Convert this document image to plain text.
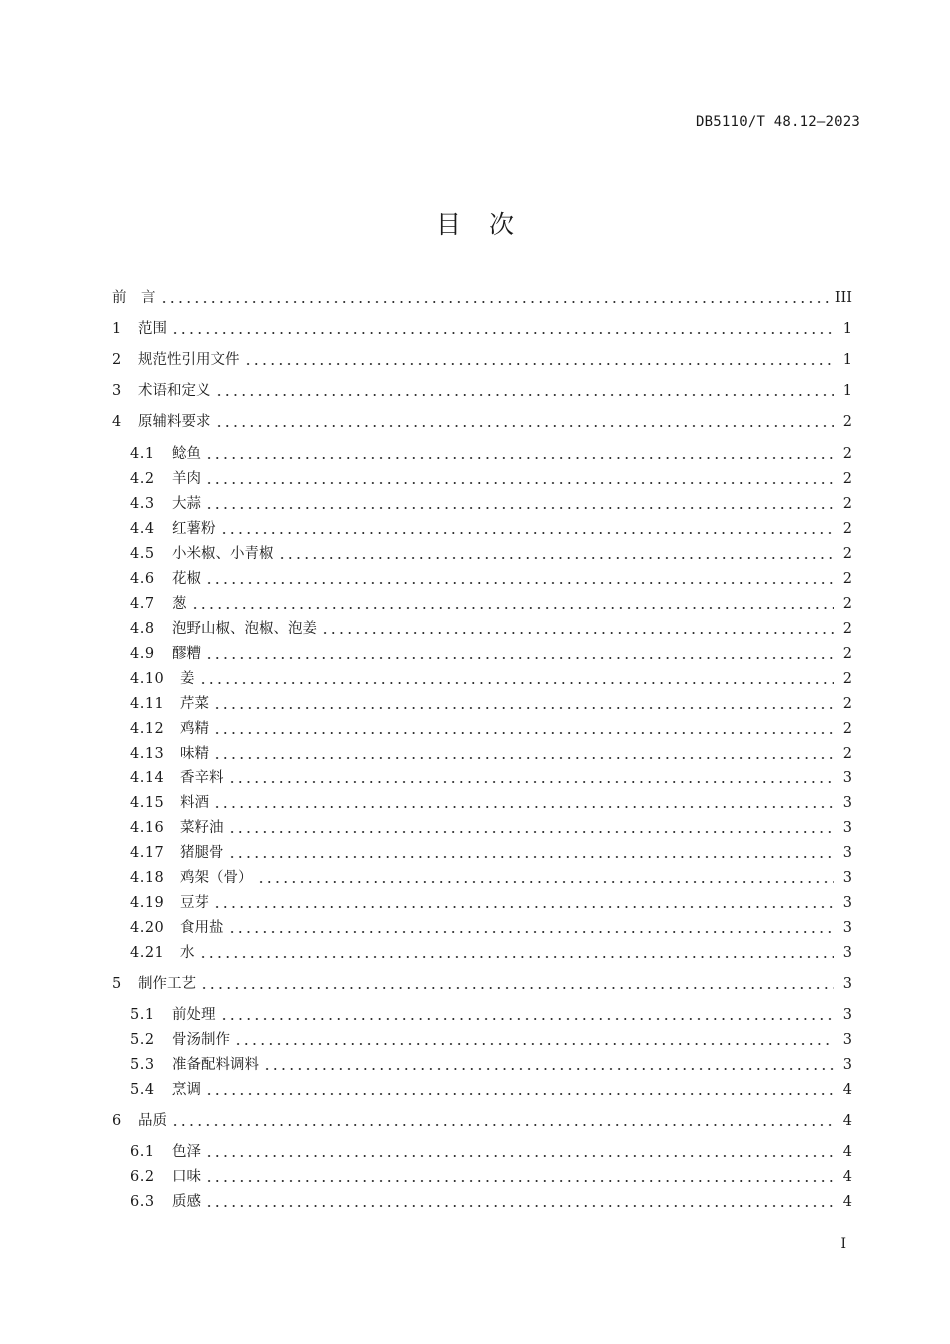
DB5110/T 48.12—2023
目次
前　言	III
1	范围	1
2	规范性引用文件	1
3	术语和定义	1
4	原辅料要求	2
4.1	鲶鱼	2
4.2	羊肉	2
4.3	大蒜	2
4.4	红薯粉	2
4.5	小米椒、小青椒	2
4.6	花椒	2
4.7	葱	2
4.8	泡野山椒、泡椒、泡姜	2
4.9	醪糟	2
4.10	姜	2
4.11	芹菜	2
4.12	鸡精	2
4.13	味精	2
4.14	香辛料	3
4.15	料酒	3
4.16	菜籽油	3
4.17	猪腿骨	3
4.18	鸡架（骨）	3
4.19	豆芽	3
4.20	食用盐	3
4.21	水	3
5	制作工艺	3
5.1	前处理	3
5.2	骨汤制作	3
5.3	准备配料调料	3
5.4	烹调	4
6	品质	4
6.1	色泽	4
6.2	口味	4
6.3	质感	4
I
